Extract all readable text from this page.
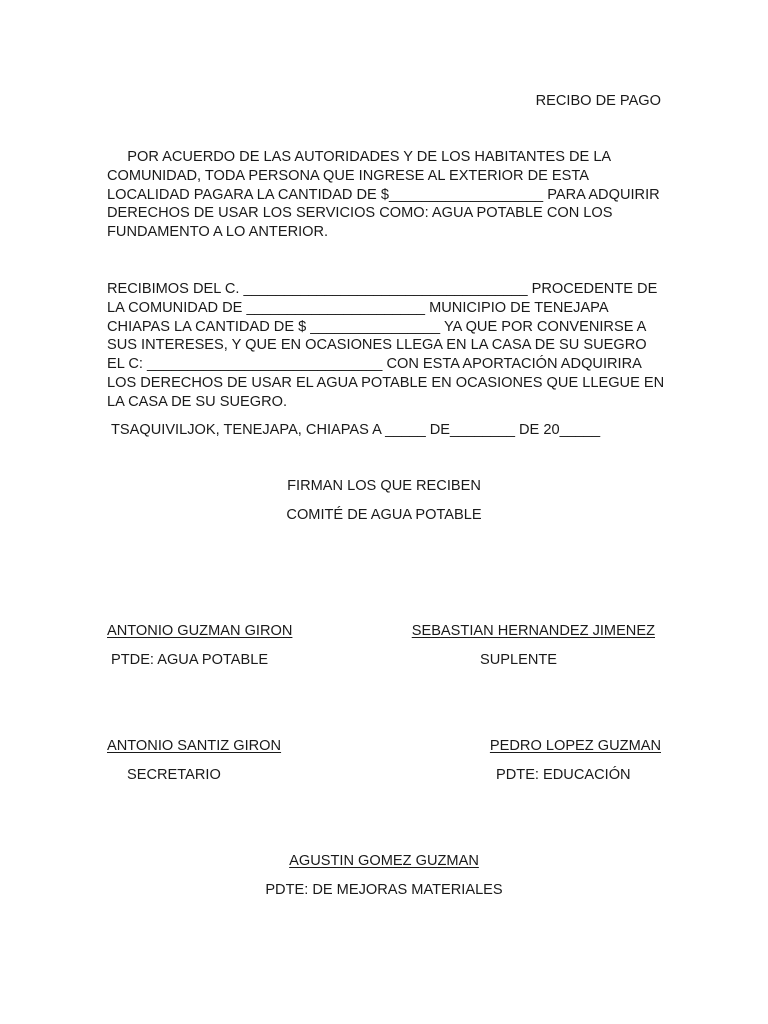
RECIBO DE PAGO

POR ACUERDO DE LAS AUTORIDADES Y DE LOS HABITANTES DE LA
COMUNIDAD, TODA PERSONA QUE INGRESE AL EXTERIOR DE ESTA
LOCALIDAD PAGARA LA CANTIDAD DE $___________________ PARA ADQUIRIR
DERECHOS DE USAR LOS SERVICIOS COMO: AGUA POTABLE CON LOS
FUNDAMENTO A LO ANTERIOR.

RECIBIMOS DEL C. ___________________________________ PROCEDENTE DE
LA COMUNIDAD DE ______________________ MUNICIPIO DE TENEJAPA
CHIAPAS LA CANTIDAD DE $ ________________ YA QUE POR CONVENIRSE A
SUS INTERESES, Y QUE EN OCASIONES LLEGA EN LA CASA DE SU SUEGRO
EL C: _____________________________ CON ESTA APORTACIÓN ADQUIRIRA
LOS DERECHOS DE USAR EL AGUA POTABLE EN OCASIONES QUE LLEGUE EN
LA CASA DE SU SUEGRO.

TSAQUIVILJOK, TENEJAPA, CHIAPAS A _____ DE________ DE 20_____

FIRMAN LOS QUE RECIBEN

COMITÉ DE AGUA POTABLE

ANTONIO GUZMAN GIRON

PTDE: AGUA POTABLE

SEBASTIAN HERNANDEZ JIMENEZ

SUPLENTE

ANTONIO SANTIZ GIRON

SECRETARIO

PEDRO LOPEZ GUZMAN

PDTE: EDUCACIÓN

AGUSTIN GOMEZ GUZMAN

PDTE: DE MEJORAS MATERIALES
